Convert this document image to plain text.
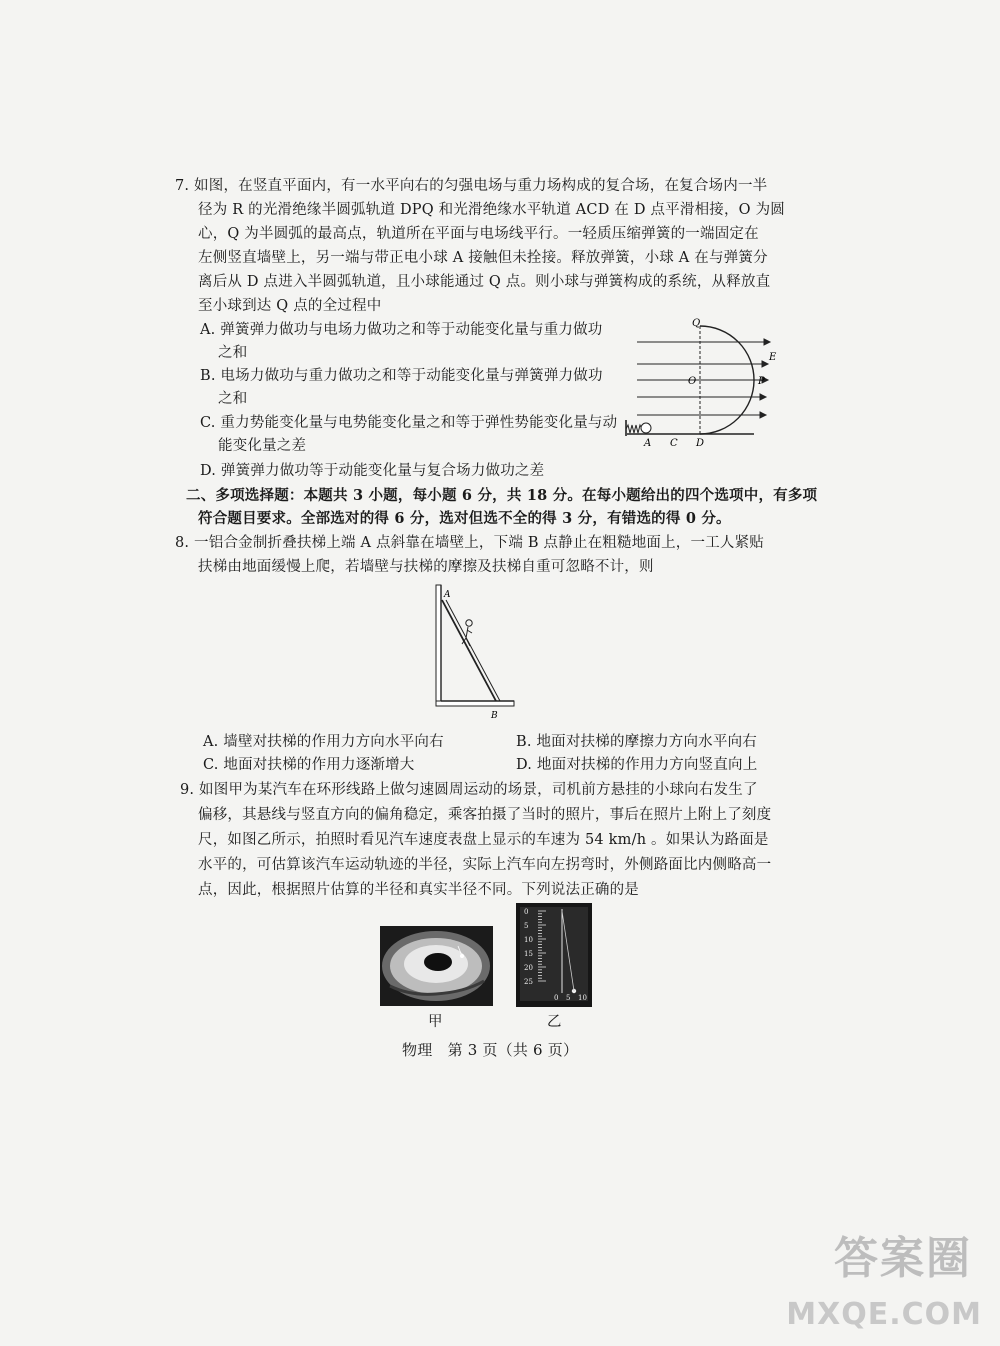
7. 如图，在竖直平面内，有一水平向右的匀强电场与重力场构成的复合场，在复合场内一半
径为 R 的光滑绝缘半圆弧轨道 DPQ 和光滑绝缘水平轨道 ACD 在 D 点平滑相接，O 为圆
心，Q 为半圆弧的最高点，轨道所在平面与电场线平行。一轻质压缩弹簧的一端固定在
左侧竖直墙壁上，另一端与带正电小球 A 接触但未拴接。释放弹簧，小球 A 在与弹簧分
离后从 D 点进入半圆弧轨道，且小球能通过 Q 点。则小球与弹簧构成的系统，从释放直
至小球到达 Q 点的全过程中
A. 弹簧弹力做功与电场力做功之和等于动能变化量与重力做功
之和
B. 电场力做功与重力做功之和等于动能变化量与弹簧弹力做功
之和
C. 重力势能变化量与电势能变化量之和等于弹性势能变化量与动
能变化量之差
D. 弹簧弹力做功等于动能变化量与复合场力做功之差
Q
E
O	P
A C D
二、多项选择题：本题共 3 小题，每小题 6 分，共 18 分。在每小题给出的四个选项中，有多项
符合题目要求。全部选对的得 6 分，选对但选不全的得 3 分，有错选的得 0 分。
8. 一铝合金制折叠扶梯上端 A 点斜靠在墙壁上，下端 B 点静止在粗糙地面上，一工人紧贴
扶梯由地面缓慢上爬，若墙壁与扶梯的摩擦及扶梯自重可忽略不计，则
A
B
A. 墙壁对扶梯的作用力方向水平向右	B. 地面对扶梯的摩擦力方向水平向右
C. 地面对扶梯的作用力逐渐增大	D. 地面对扶梯的作用力方向竖直向上
9. 如图甲为某汽车在环形线路上做匀速圆周运动的场景，司机前方悬挂的小球向右发生了
偏移，其悬线与竖直方向的偏角稳定，乘客拍摄了当时的照片，事后在照片上附上了刻度
尺，如图乙所示，拍照时看见汽车速度表盘上显示的车速为 54 km/h 。如果认为路面是
水平的，可估算该汽车运动轨迹的半径，实际上汽车向左拐弯时，外侧路面比内侧略高一
点，因此，根据照片估算的半径和真实半径不同。下列说法正确的是
甲
0
5
10
15
20
25
0 5 10
乙
物理　第 3 页（共 6 页）
答案圈
MXQE.COM
